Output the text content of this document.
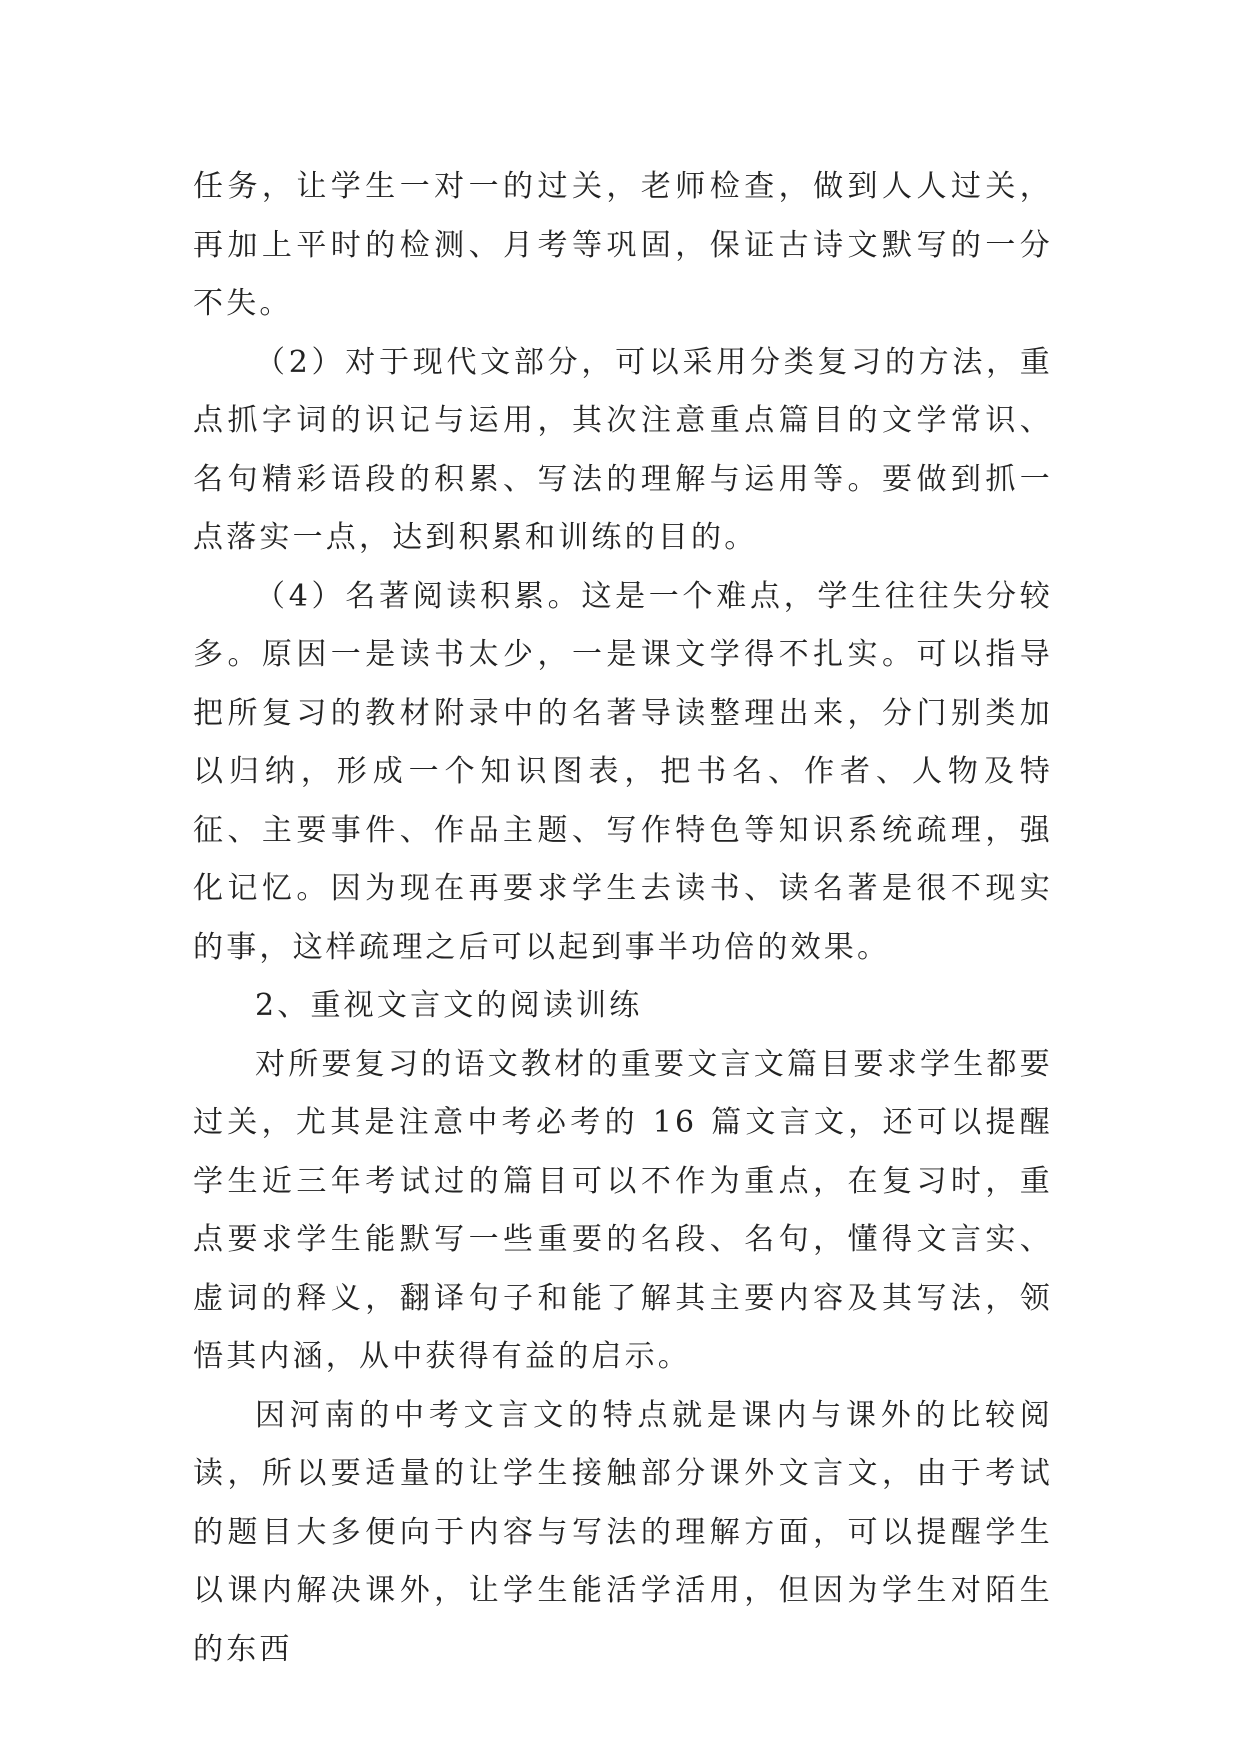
任务，让学生一对一的过关，老师检查，做到人人过关，再加上平时的检测、月考等巩固，保证古诗文默写的一分不失。

（2）对于现代文部分，可以采用分类复习的方法，重点抓字词的识记与运用，其次注意重点篇目的文学常识、名句精彩语段的积累、写法的理解与运用等。要做到抓一点落实一点，达到积累和训练的目的。

（4）名著阅读积累。这是一个难点，学生往往失分较多。原因一是读书太少，一是课文学得不扎实。可以指导把所复习的教材附录中的名著导读整理出来，分门别类加以归纳，形成一个知识图表，把书名、作者、人物及特征、主要事件、作品主题、写作特色等知识系统疏理，强化记忆。因为现在再要求学生去读书、读名著是很不现实的事，这样疏理之后可以起到事半功倍的效果。

2、重视文言文的阅读训练

对所要复习的语文教材的重要文言文篇目要求学生都要过关，尤其是注意中考必考的 16 篇文言文，还可以提醒学生近三年考试过的篇目可以不作为重点，在复习时，重点要求学生能默写一些重要的名段、名句，懂得文言实、虚词的释义，翻译句子和能了解其主要内容及其写法，领悟其内涵，从中获得有益的启示。

因河南的中考文言文的特点就是课内与课外的比较阅读，所以要适量的让学生接触部分课外文言文，由于考试的题目大多便向于内容与写法的理解方面，可以提醒学生以课内解决课外，让学生能活学活用，但因为学生对陌生的东西
